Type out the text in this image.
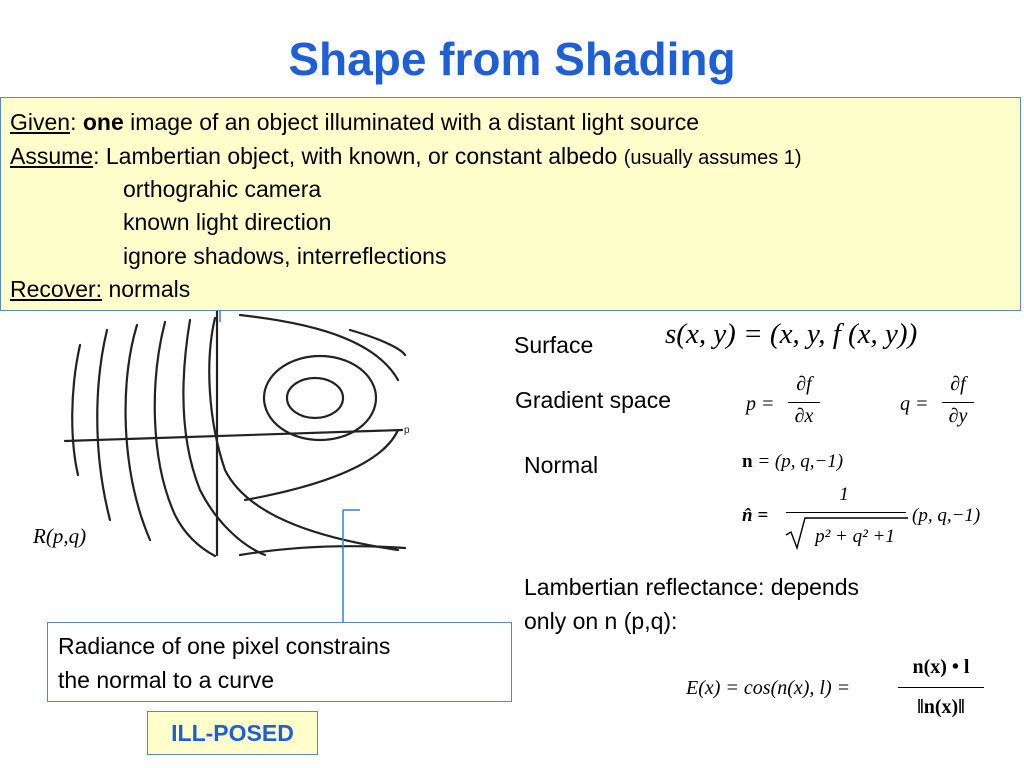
Shape from Shading
p
Given: one image of an object illuminated with a distant light source
Assume: Lambertian object, with known, or constant albedo (usually assumes 1)
orthograhic camera
known light direction
ignore shadows, interreflections
Recover: normals
R(p,q)
Surface s(x, y) = (x, y, f (x, y))
Gradient space	p =
∂f
∂x
q =
∂f
∂y
Normal	n = (p, q,−1)
n̂ =
1
p² + q² +1
(p, q,−1)
Lambertian reflectance: depends
only on n (p,q):
E(x) = cos(n(x), l) =
n(x) • l
‖n(x)‖
Radiance of one pixel constrains
the normal to a curve
ILL-POSED
